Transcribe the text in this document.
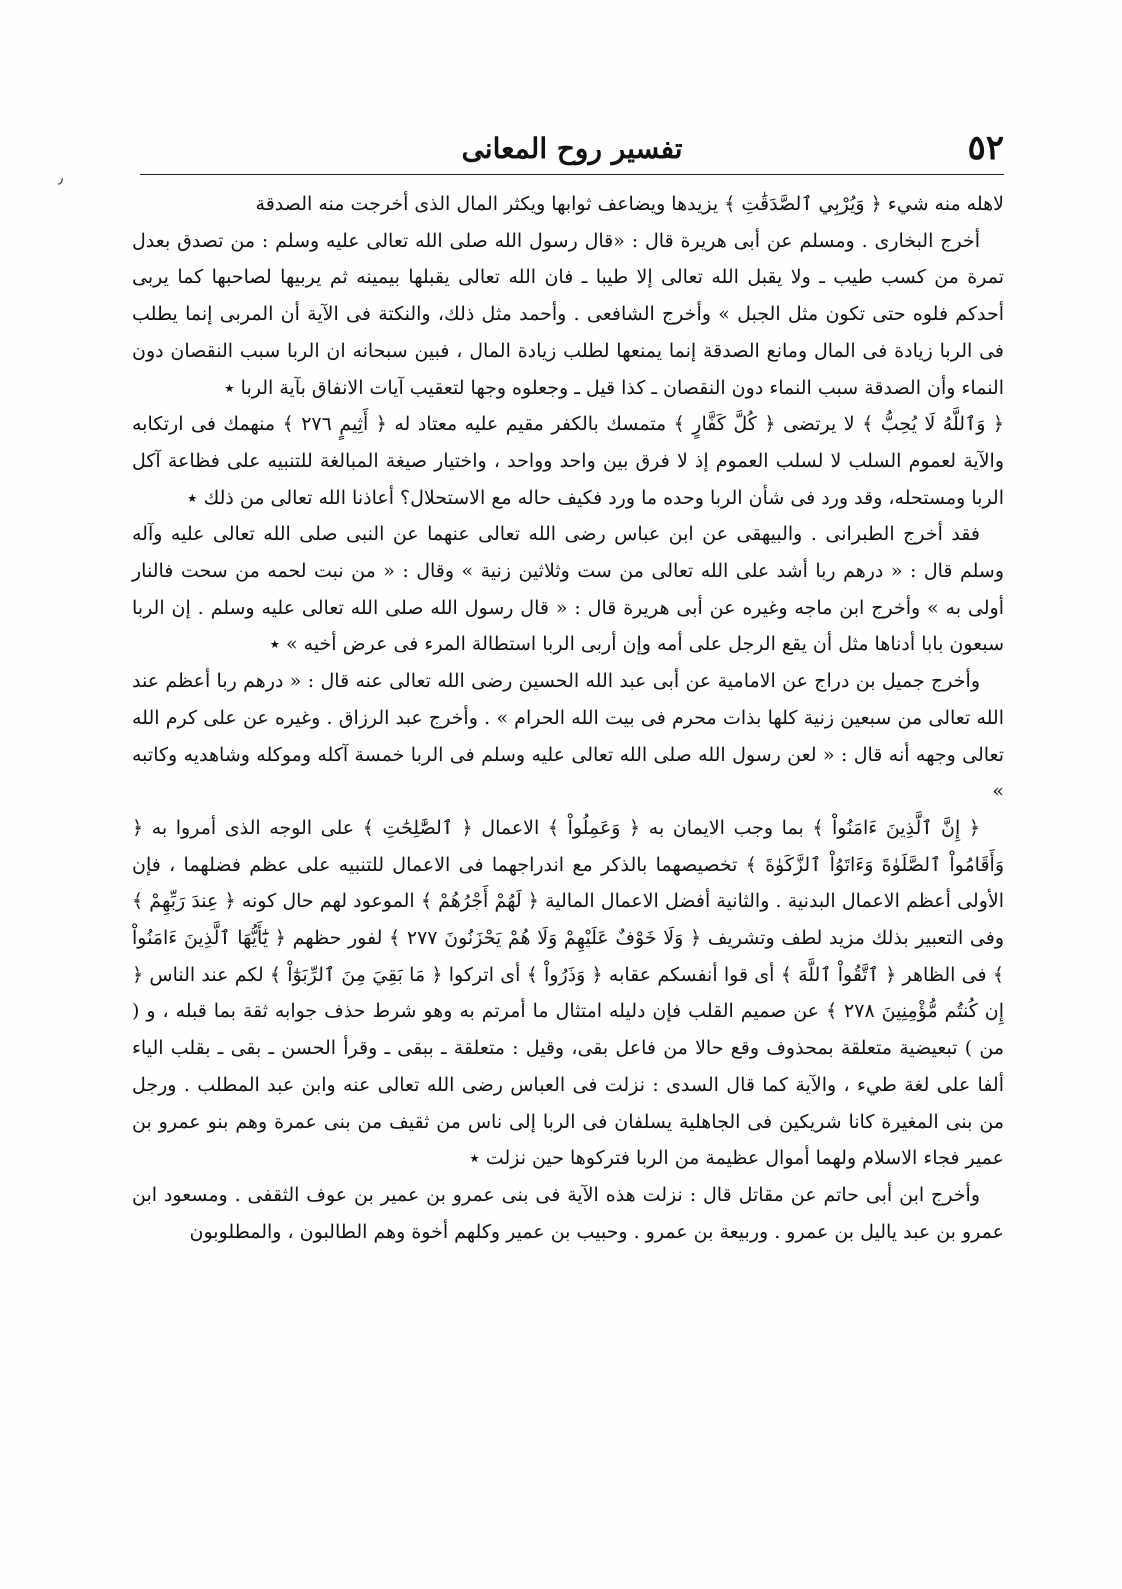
٫
٥٢
تفسير روح المعانى

لاهله منه شيء ﴿ وَيُرْبِي ٱلصَّدَقَٰتِ ﴾ يزيدها ويضاعف ثوابها ويكثر المال الذى أخرجت منه الصدقة

أخرج البخارى . ومسلم عن أبى هريرة قال : «قال رسول الله صلى الله تعالى عليه وسلم : من تصدق بعدل تمرة من كسب طيب ـ ولا يقبل الله تعالى إلا طيبا ـ فان الله تعالى يقبلها بيمينه ثم يربيها لصاحبها كما يربى أحدكم فلوه حتى تكون مثل الجبل » وأخرج الشافعى . وأحمد مثل ذلك، والنكتة فى الآية أن المربى إنما يطلب فى الربا زيادة فى المال ومانع الصدقة إنما يمنعها لطلب زيادة المال ، فبين سبحانه ان الربا سبب النقصان دون النماء وأن الصدقة سبب النماء دون النقصان ـ كذا قيل ـ وجعلوه وجها لتعقيب آيات الانفاق بآية الربا ٭

﴿ وَٱللَّهُ لَا يُحِبُّ ﴾ لا يرتضى ﴿ كُلَّ كَفَّارٍ ﴾ متمسك بالكفر مقيم عليه معتاد له ﴿ أَثِيمٍ ٢٧٦ ﴾ منهمك فى ارتكابه والآية لعموم السلب لا لسلب العموم إذ لا فرق بين واحد وواحد ، واختيار صيغة المبالغة للتنبيه على فظاعة آكل الربا ومستحله، وقد ورد فى شأن الربا وحده ما ورد فكيف حاله مع الاستحلال؟ أعاذنا الله تعالى من ذلك ٭

فقد أخرج الطبرانى . والبيهقى عن ابن عباس رضى الله تعالى عنهما عن النبى صلى الله تعالى عليه وآله وسلم قال : « درهم ربا أشد على الله تعالى من ست وثلاثين زنية » وقال : « من نبت لحمه من سحت فالنار أولى به » وأخرج ابن ماجه وغيره عن أبى هريرة قال : « قال رسول الله صلى الله تعالى عليه وسلم . إن الربا سبعون بابا أدناها مثل أن يقع الرجل على أمه وإن أربى الربا استطالة المرء فى عرض أخيه » ٭

وأخرج جميل بن دراج عن الامامية عن أبى عبد الله الحسين رضى الله تعالى عنه قال : « درهم ربا أعظم عند الله تعالى من سبعين زنية كلها بذات محرم فى بيت الله الحرام » . وأخرج عبد الرزاق . وغيره عن على كرم الله تعالى وجهه أنه قال : « لعن رسول الله صلى الله تعالى عليه وسلم فى الربا خمسة آكله وموكله وشاهديه وكاتبه »

﴿ إِنَّ ٱلَّذِينَ ءَامَنُواْ ﴾ بما وجب الايمان به ﴿ وَعَمِلُواْ ﴾ الاعمال ﴿ ٱلصَّٰلِحَٰتِ ﴾ على الوجه الذى أمروا به ﴿ وَأَقَامُواْ ٱلصَّلَوٰةَ وَءَاتَوُاْ ٱلزَّكَوٰةَ ﴾ تخصيصهما بالذكر مع اندراجهما فى الاعمال للتنبيه على عظم فضلهما ، فإن الأولى أعظم الاعمال البدنية . والثانية أفضل الاعمال المالية ﴿ لَهُمْ أَجْرُهُمْ ﴾ الموعود لهم حال كونه ﴿ عِندَ رَبِّهِمْ ﴾ وفى التعبير بذلك مزيد لطف وتشريف ﴿ وَلَا خَوْفٌ عَلَيْهِمْ وَلَا هُمْ يَحْزَنُونَ ٢٧٧ ﴾ لفور حظهم ﴿ يَٰٓأَيُّهَا ٱلَّذِينَ ءَامَنُواْ ﴾ فى الظاهر ﴿ ٱتَّقُواْ ٱللَّهَ ﴾ أى قوا أنفسكم عقابه ﴿ وَذَرُواْ ﴾ أى اتركوا ﴿ مَا بَقِيَ مِنَ ٱلرِّبَوٰٓاْ ﴾ لكم عند الناس ﴿ إِن كُنتُم مُّؤْمِنِينَ ٢٧٨ ﴾ عن صميم القلب فإن دليله امتثال ما أمرتم به وهو شرط حذف جوابه ثقة بما قبله ، و ( من ) تبعيضية متعلقة بمحذوف وقع حالا من فاعل بقى، وقيل : متعلقة ـ ببقى ـ وقرأ الحسن ـ بقى ـ بقلب الياء ألفا على لغة طيء ، والآية كما قال السدى : نزلت فى العباس رضى الله تعالى عنه وابن عبد المطلب . ورجل من بنى المغيرة كانا شريكين فى الجاهلية يسلفان فى الربا إلى ناس من ثقيف من بنى عمرة وهم بنو عمرو بن عمير فجاء الاسلام ولهما أموال عظيمة من الربا فتركوها حين نزلت ٭

وأخرج ابن أبى حاتم عن مقاتل قال : نزلت هذه الآية فى بنى عمرو بن عمير بن عوف الثقفى . ومسعود ابن عمرو بن عبد ياليل بن عمرو . وربيعة بن عمرو . وحبيب بن عمير وكلهم أخوة وهم الطالبون ، والمطلوبون
